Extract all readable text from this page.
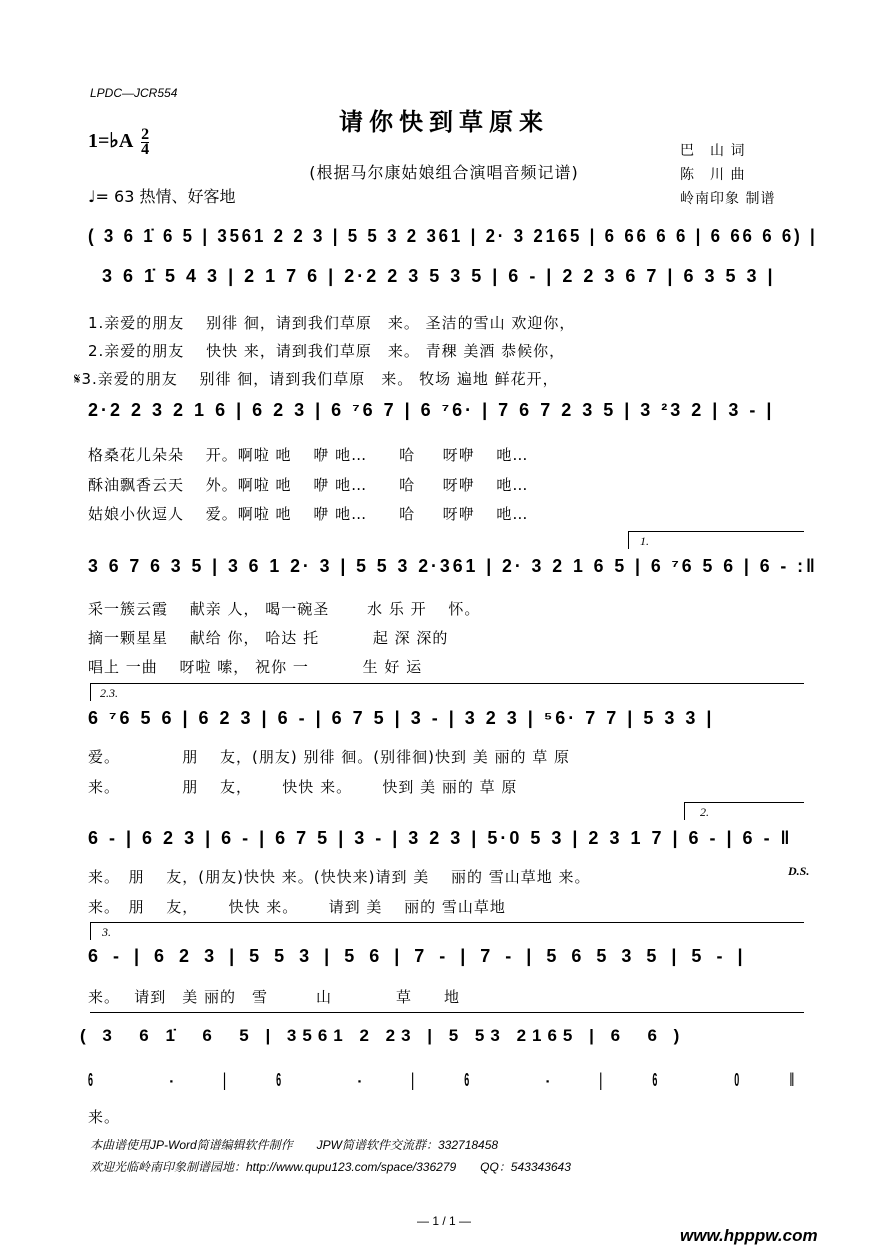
LPDC—JCR554
请你快到草原来
1=♭A $\frac{2}{4}$
(根据马尔康姑娘组合演唱音频记谱)
♩= 63 热情、好客地
巴　山 词
陈　川 曲
岭南印象 制谱
( 3 6 1̇ 6 5 | 3561 2 2 3 | 5 5 3 2 361 | 2· 3 2165 | 6 66 6 6 | 6 66 6 6) |
3 6 1̇ 5 4 3 | 2 1 7 6 | 2·2 2 3 5 3 5 | 6 - | 2 2 3 6 7 | 6 3 5 3 |
1.亲爱的朋友　 别徘 徊，请到我们草原　来。 圣洁的雪山 欢迎你，
2.亲爱的朋友　 快快 来，请到我们草原　来。 青稞 美酒 恭候你，
𝄋3.亲爱的朋友　 别徘 徊，请到我们草原　来。 牧场 遍地 鲜花开，
2·2 2 3 2 1 6 | 6 2 3 | 6 ⁷6 7 | 6 ⁷6· | 7 6 7 2 3 5 | 3 ²3 2 | 3 - |
格桑花儿朵朵　 开。啊啦 吔　 咿 吔…　　哈 　 呀咿　 吔…
酥油飘香云天　 外。啊啦 吔　 咿 吔…　　哈 　 呀咿　 吔…
姑娘小伙逗人　 爱。啊啦 吔　 咿 吔…　　哈 　 呀咿　 吔…
1.
3 6 7 6 3 5 | 3 6 1 2· 3 | 5 5 3 2·361 | 2· 3 2 1 6 5 | 6 ⁷6 5 6 | 6 - :‖
采一簇云霞　 献亲 人， 喝一碗圣　　 水 乐 开　 怀。
摘一颗星星　 献给 你， 哈达 托　　　 起 深 深的
唱上 一曲　 呀啦 嗦， 祝你 一　　　 生 好 运
2.3.
6 ⁷6 5 6 | 6 2 3 | 6 - | 6 7 5 | 3 - | 3 2 3 | ⁵6· 7 7 | 5 3 3 |
爱。　　　　 朋　 友，(朋友) 别徘 徊。(别徘徊)快到 美 丽的 草 原
来。　　　　 朋　 友，　　 快快 来。　　 快到 美 丽的 草 原
2.
6 - | 6 2 3 | 6 - | 6 7 5 | 3 - | 3 2 3 | 5·0 5 3 | 2 3 1 7 | 6 - | 6 - ‖
D.S.
来。　朋　 友，(朋友)快快 来。(快快来)请到 美　 丽的 雪山草地 来。
来。　朋　 友，　　 快快 来。　　 请到 美　 丽的 雪山草地
3.
6 - | 6 2 3 | 5 5 3 | 5 6 | 7 - | 7 - | 5 6 5 3 5 | 5 - |
来。　 请到　美 丽的　雪　　　山　　　　草　　地
( 3  6 1̇  6  5 | 3561 2 23 | 5 53 2165 | 6  6 )
6  - | 6  - | 6  - | 6  0 ‖
来。
本曲谱使用JP-Word简谱编辑软件制作　　JPW简谱软件交流群：332718458
欢迎光临岭南印象制谱园地：http://www.qupu123.com/space/336279　　QQ：543343643
— 1 / 1 —
www.hpppw.com
